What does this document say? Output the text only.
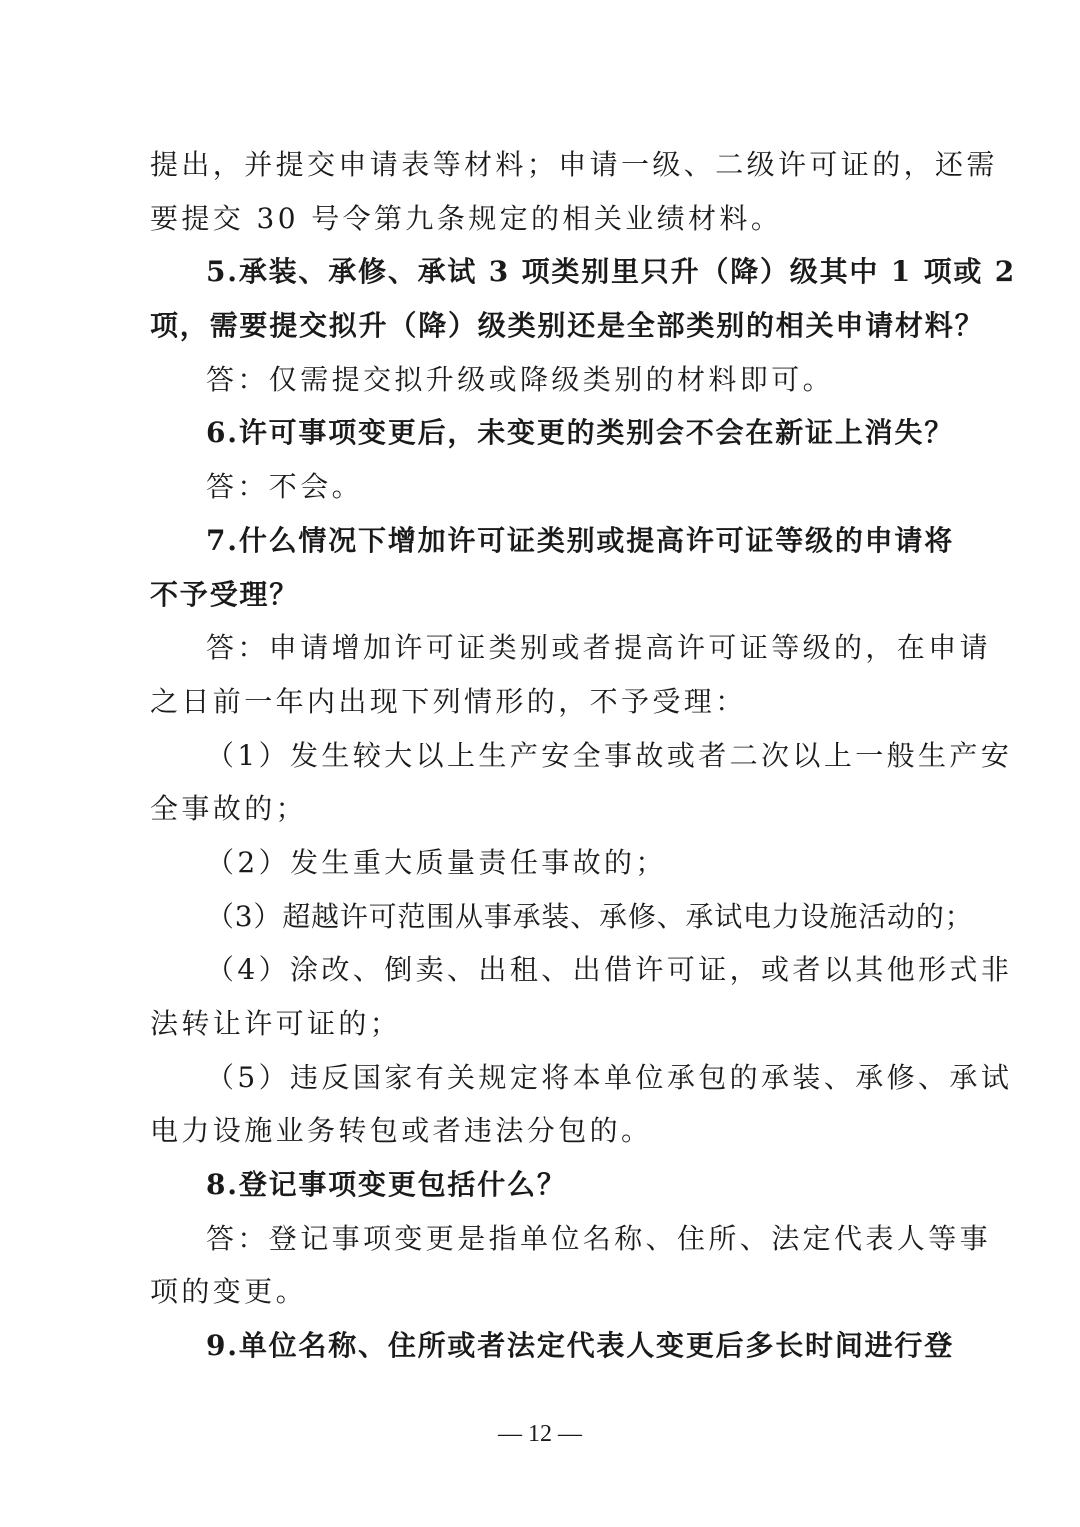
提出，并提交申请表等材料；申请一级、二级许可证的，还需
要提交 30 号令第九条规定的相关业绩材料。
5.承装、承修、承试 3 项类别里只升（降）级其中 1 项或 2
项，需要提交拟升（降）级类别还是全部类别的相关申请材料？
答：仅需提交拟升级或降级类别的材料即可。
6.许可事项变更后，未变更的类别会不会在新证上消失？
答：不会。
7.什么情况下增加许可证类别或提高许可证等级的申请将
不予受理？
答：申请增加许可证类别或者提高许可证等级的，在申请
之日前一年内出现下列情形的，不予受理：
（1）发生较大以上生产安全事故或者二次以上一般生产安
全事故的；
（2）发生重大质量责任事故的；
（3）超越许可范围从事承装、承修、承试电力设施活动的；
（4）涂改、倒卖、出租、出借许可证，或者以其他形式非
法转让许可证的；
（5）违反国家有关规定将本单位承包的承装、承修、承试
电力设施业务转包或者违法分包的。
8.登记事项变更包括什么？
答：登记事项变更是指单位名称、住所、法定代表人等事
项的变更。
9.单位名称、住所或者法定代表人变更后多长时间进行登
— 12 —
